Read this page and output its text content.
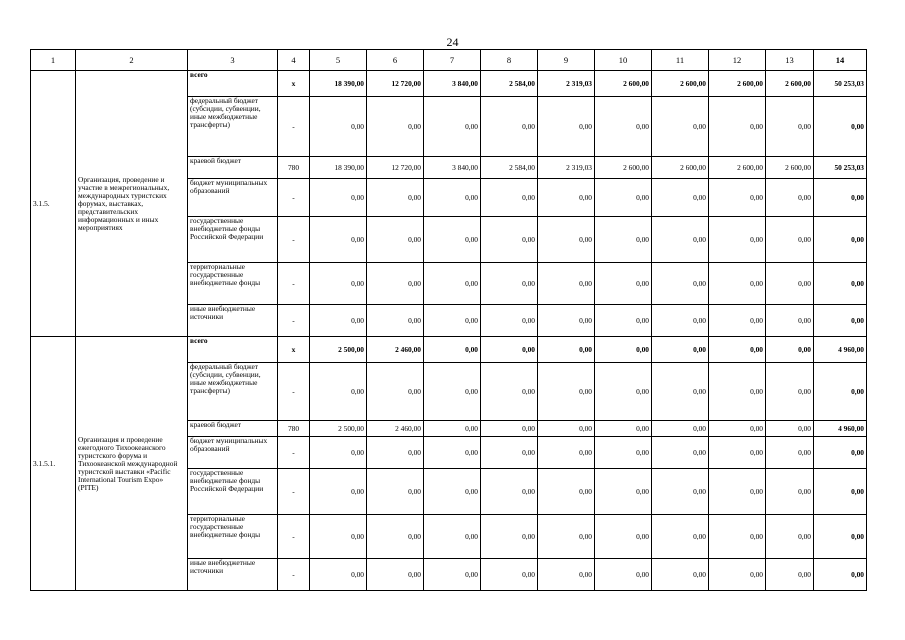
24
1	2	3	4	5	6	7	8	9	10	11	12	13	14
3.1.5.	Организация, проведение и участие в межрегиональных, международных туристских форумах, выставках, представительских информационных и иных мероприятиях	всего	х	18 390,00	12 720,00	3 840,00	2 584,00	2 319,03	2 600,00	2 600,00	2 600,00	2 600,00	50 253,03
		федеральный бюджет (субсидии, субвенции, иные межбюджетные трансферты)	-	0,00	0,00	0,00	0,00	0,00	0,00	0,00	0,00	0,00	0,00
		краевой бюджет	780	18 390,00	12 720,00	3 840,00	2 584,00	2 319,03	2 600,00	2 600,00	2 600,00	2 600,00	50 253,03
		бюджет муниципальных образований	-	0,00	0,00	0,00	0,00	0,00	0,00	0,00	0,00	0,00	0,00
		государственные внебюджетные фонды Российской Федерации	-	0,00	0,00	0,00	0,00	0,00	0,00	0,00	0,00	0,00	0,00
		территориальные государственные внебюджетные фонды	-	0,00	0,00	0,00	0,00	0,00	0,00	0,00	0,00	0,00	0,00
		иные внебюджетные источники	-	0,00	0,00	0,00	0,00	0,00	0,00	0,00	0,00	0,00	0,00
3.1.5.1.	Организация и проведение ежегодного Тихоокеанского туристского форума и Тихоокеанской международной туристской выставки «Pacific International Tourism Expo» (PITE)	всего	х	2 500,00	2 460,00	0,00	0,00	0,00	0,00	0,00	0,00	0,00	4 960,00
		федеральный бюджет (субсидии, субвенции, иные межбюджетные трансферты)	-	0,00	0,00	0,00	0,00	0,00	0,00	0,00	0,00	0,00	0,00
		краевой бюджет	780	2 500,00	2 460,00	0,00	0,00	0,00	0,00	0,00	0,00	0,00	4 960,00
		бюджет муниципальных образований	-	0,00	0,00	0,00	0,00	0,00	0,00	0,00	0,00	0,00	0,00
		государственные внебюджетные фонды Российской Федерации	-	0,00	0,00	0,00	0,00	0,00	0,00	0,00	0,00	0,00	0,00
		территориальные государственные внебюджетные фонды	-	0,00	0,00	0,00	0,00	0,00	0,00	0,00	0,00	0,00	0,00
		иные внебюджетные источники	-	0,00	0,00	0,00	0,00	0,00	0,00	0,00	0,00	0,00	0,00
